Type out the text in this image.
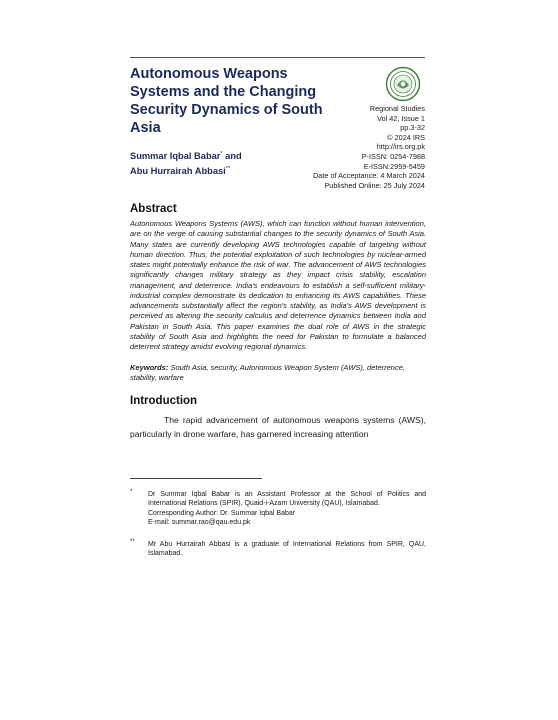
Autonomous Weapons Systems and the Changing Security Dynamics of South Asia
Regional Studies
Vol 42, Issue 1
pp.3-32
© 2024 IRS
http://irs.org.pk
P-ISSN: 0254-7988
E-ISSN:2959-5459
Date of Acceptance: 4 March 2024
Published Online: 25 July 2024
Summar Iqbal Babar* and
Abu Hurrairah Abbasi**
Abstract
Autonomous Weapons Systems (AWS), which can function without human intervention, are on the verge of causing substantial changes to the security dynamics of South Asia. Many states are currently developing AWS technologies capable of targeting without human direction. Thus, the potential exploitation of such technologies by nuclear-armed states might potentially enhance the risk of war. The advancement of AWS technologies significantly changes military strategy as they impact crisis stability, escalation management, and deterrence. India's endeavours to establish a self-sufficient military-industrial complex demonstrate its dedication to enhancing its AWS capabilities. These advancements substantially affect the region's stability, as India's AWS development is perceived as altering the security calculus and deterrence dynamics between India and Pakistan in South Asia. This paper examines the dual role of AWS in the strategic stability of South Asia and highlights the need for Pakistan to formulate a balanced deterrent strategy amidst evolving regional dynamics.
Keywords: South Asia, security, Autonomous Weapon System (AWS), deterrence, stability, warfare
Introduction

The rapid advancement of autonomous weapons systems (AWS), particularly in drone warfare, has garnered increasing attention

* Dr Summar Iqbal Babar is an Assistant Professor at the School of Politics and International Relations (SPIR), Quaid-i-Azam University (QAU), Islamabad.
Corresponding Author: Dr. Summar Iqbal Babar
E-mail: summar.rao@qau.edu.pk
** Mr Abu Hurrairah Abbasi is a graduate of International Relations from SPIR, QAU, Islamabad.
